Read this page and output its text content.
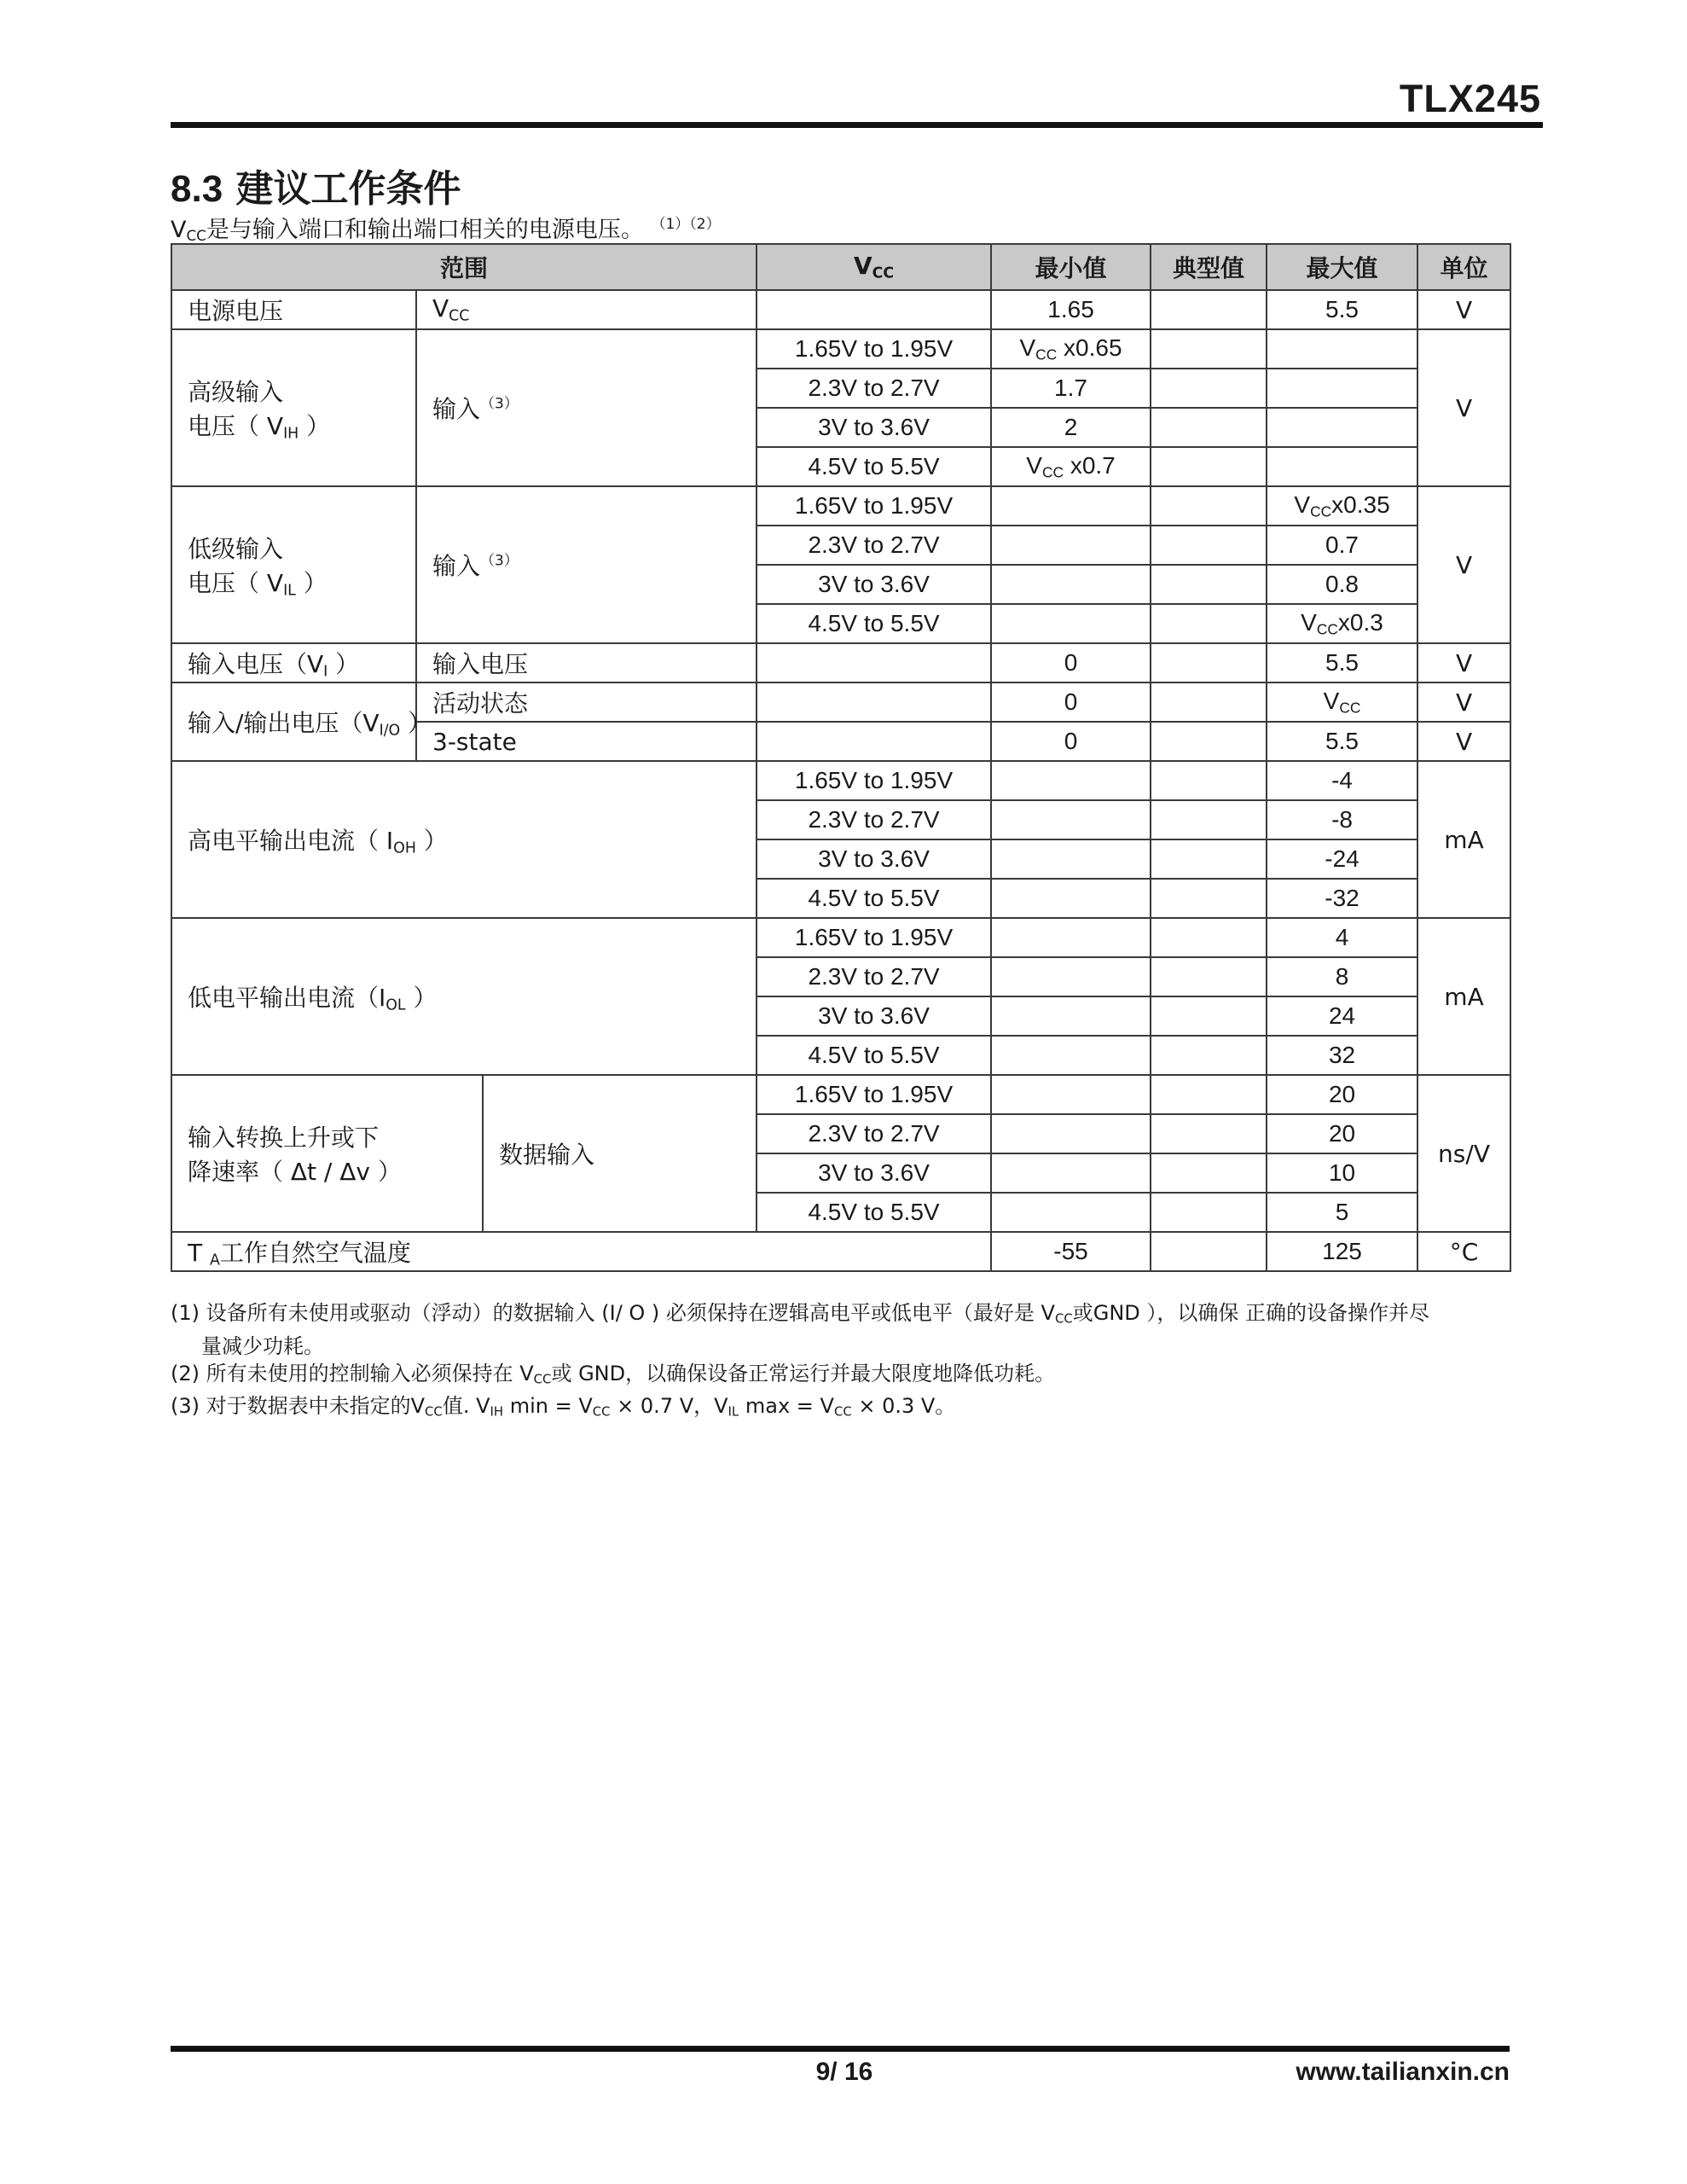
TLX245
8.3 建议工作条件
$V_{CC}$是与输入端口和输出端口相关的电源电压。 $^{(1)(2)}$
范围			$V_{CC}$	最小值	典型值	最大值	单位
电源电压	$V_{CC}$			1.65		5.5	V
高级输入
电压（ $V_{IH}$ ）	输入$^{(3)}$		1.65V to 1.95V	$V_{CC}$ x0.65			V
			2.3V to 2.7V	1.7			
			3V to 3.6V	2			
			4.5V to 5.5V	$V_{CC}$ x0.7			
低级输入
电压（ $V_{IL}$ ）	输入$^{(3)}$		1.65V to 1.95V			$V_{CC}x0.35$	V
			2.3V to 2.7V			0.7	
			3V to 3.6V			0.8	
			4.5V to 5.5V			$V_{CC}x0.3$	
输入电压（$V_I$ ）	输入电压			0		5.5	V
输入/输出电压（$V_{I/O}$ ）	活动状态			0		$V_{CC}$	V
	3-state			0		5.5	V
高电平输出电流（ $I_{OH}$ ）			1.65V to 1.95V			-4	mA
			2.3V to 2.7V			-8	
			3V to 3.6V			-24	
			4.5V to 5.5V			-32	
低电平输出电流（$I_{OL}$ ）			1.65V to 1.95V			4	mA
			2.3V to 2.7V			8	
			3V to 3.6V			24	
			4.5V to 5.5V			32	
输入转换上升或下
降速率（ Δt / Δv ）		数据输入	1.65V to 1.95V			20	ns/V
			2.3V to 2.7V			20	
			3V to 3.6V			10	
			4.5V to 5.5V			5	
T $_A$工作自然空气温度				-55		125	°C

(1) 设备所有未使用或驱动（浮动）的数据输入 (I/ O ) 必须保持在逻辑高电平或低电平（最好是 $V_{CC}$或GND ），以确保 正确的设备操作并尽

量减少功耗。

(2) 所有未使用的控制输入必须保持在 $V_{CC}$或 GND，以确保设备正常运行并最大限度地降低功耗。

(3) 对于数据表中未指定的$V_{CC}$值. $V_{IH}$ $\min = V_{CC} \times 0.7$ V，$V_{IL}$ $\max = V_{CC} \times 0.3$ V。

9/ 16	www.tailianxin.cn
